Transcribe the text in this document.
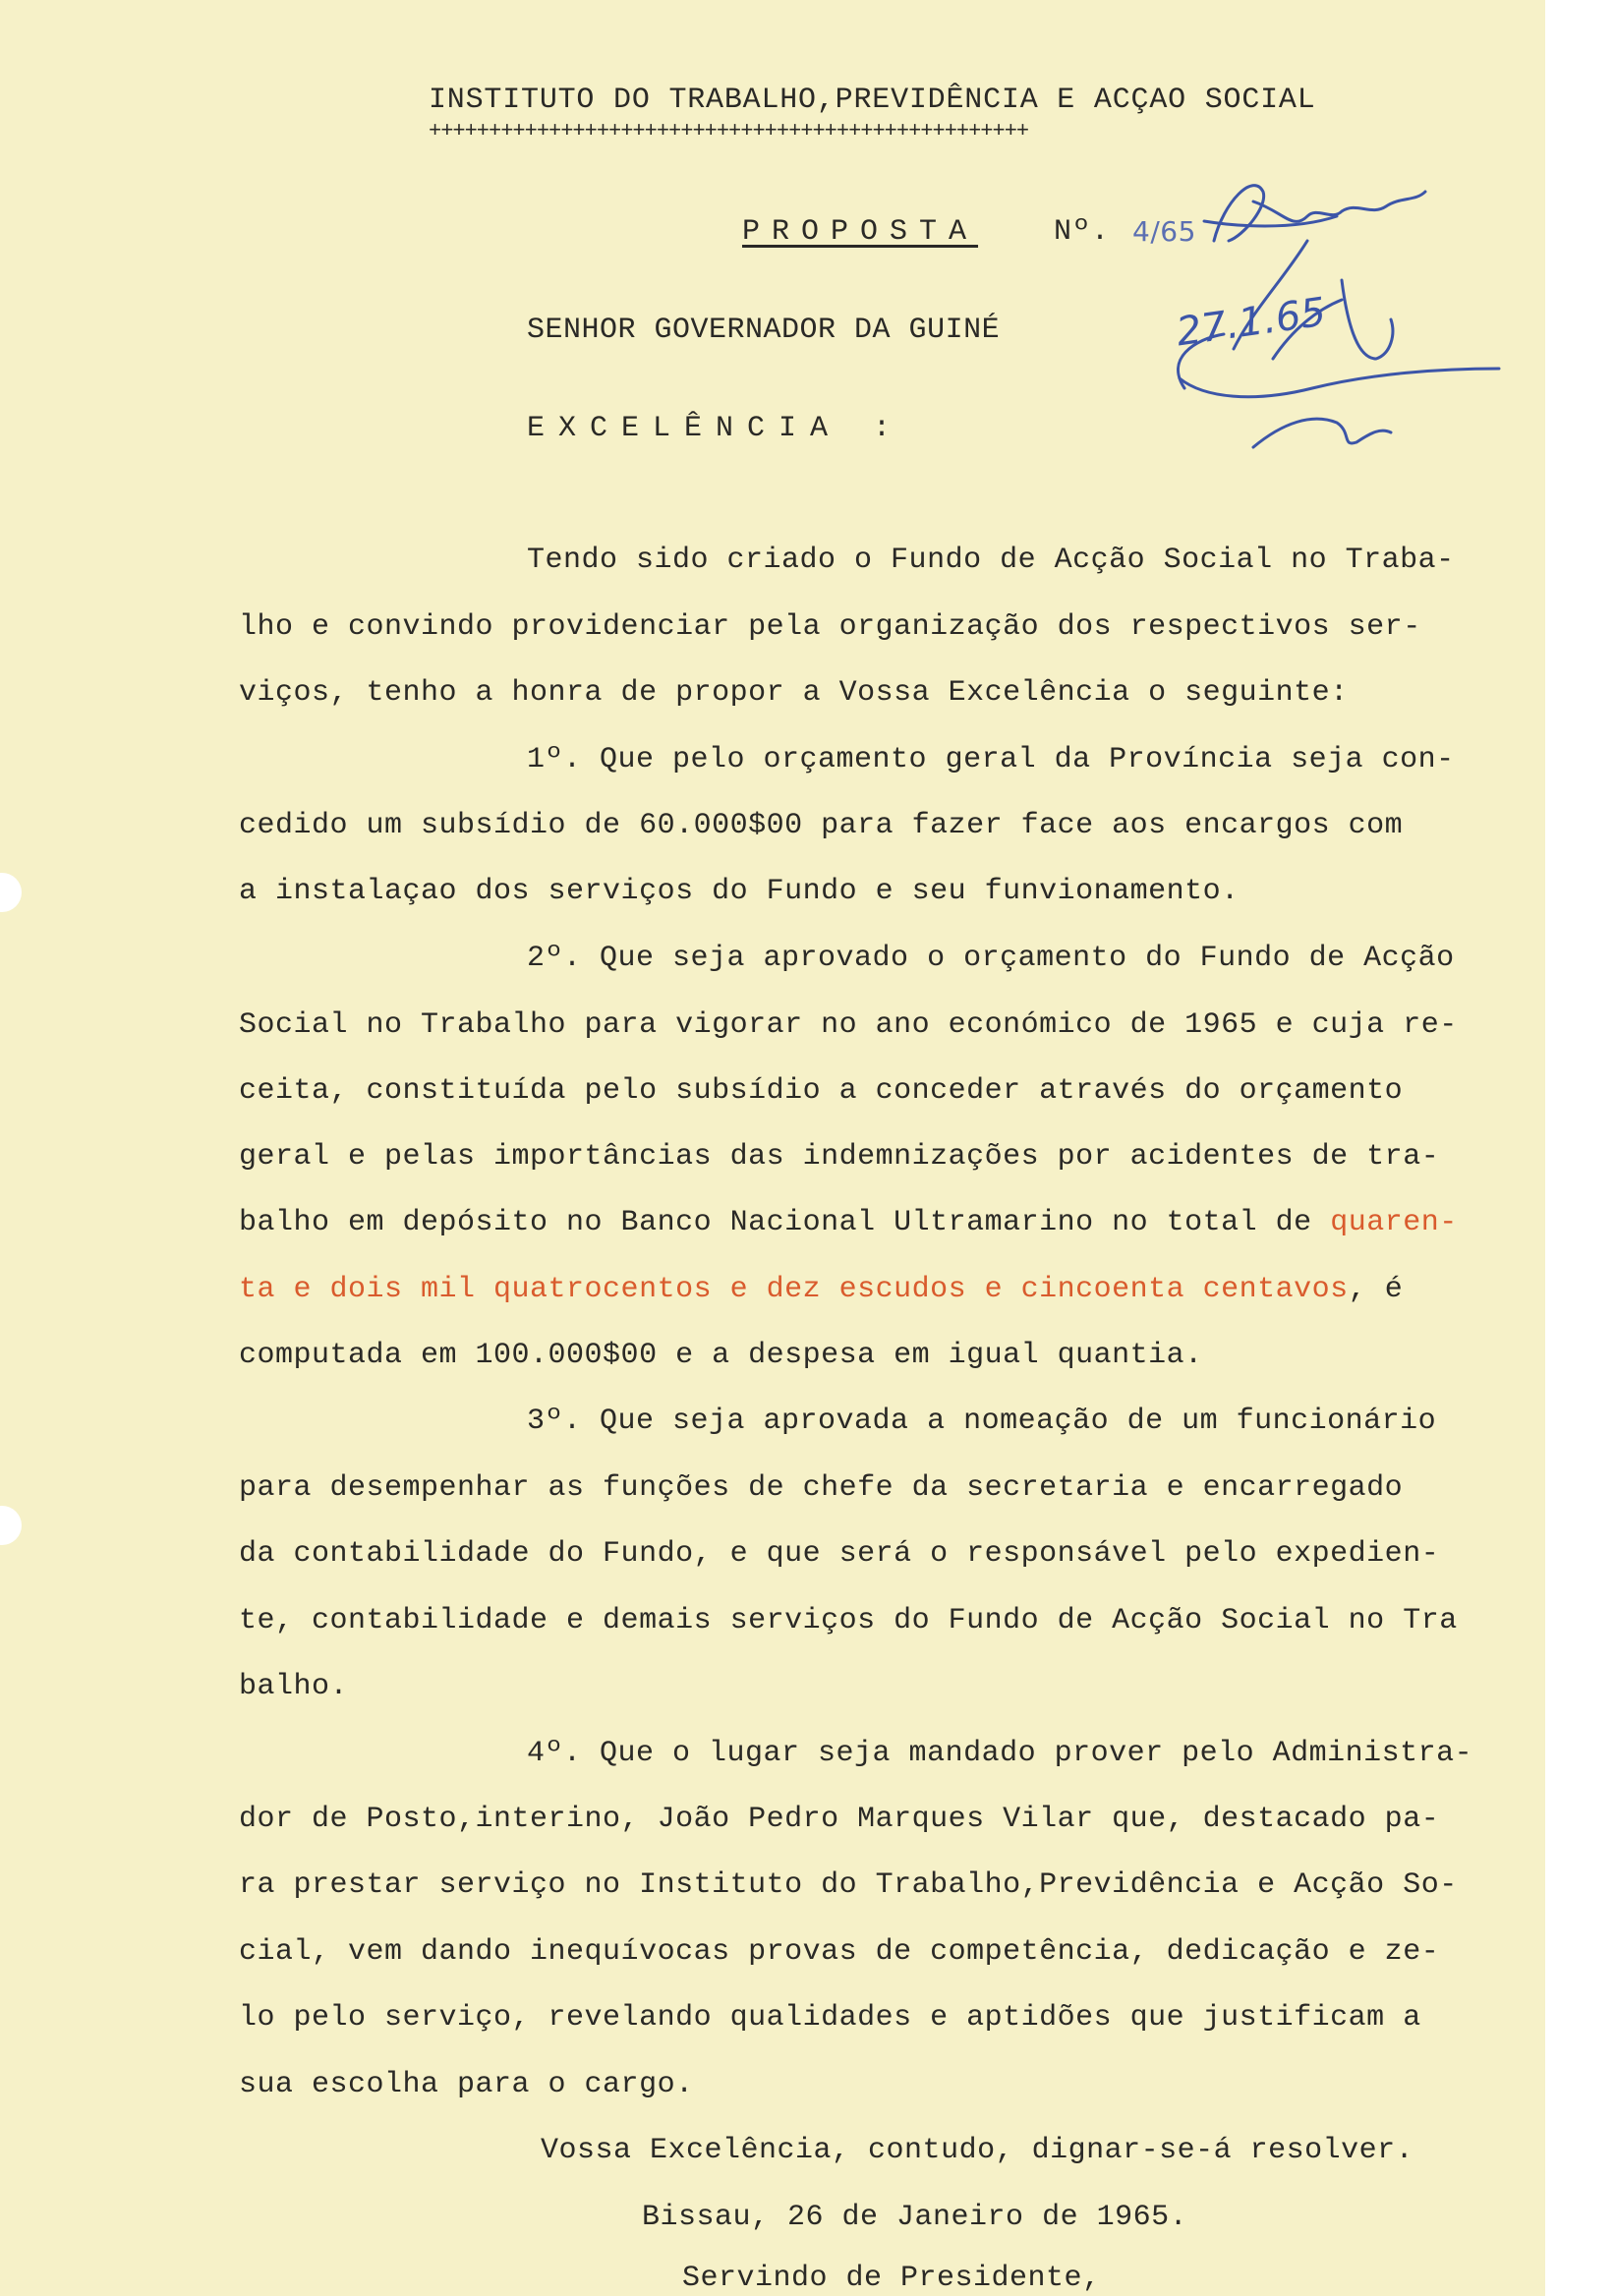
INSTITUTO DO TRABALHO,PREVIDÊNCIA E ACÇAO SOCIAL
++++++++++++++++++++++++++++++++++++++++++++++++++
PROPOSTA	Nº. 4/65
27.1.65
SENHOR GOVERNADOR DA GUINÉ
EXCELÊNCIA :
Tendo sido criado o Fundo de Acção Social no Traba-
lho e convindo providenciar pela organização dos respectivos ser-
viços, tenho a honra de propor a Vossa Excelência o seguinte:
1º. Que pelo orçamento geral da Província seja con-
cedido um subsídio de 60.000$00 para fazer face aos encargos com
a instalaçao dos serviços do Fundo e seu funvionamento.
2º. Que seja aprovado o orçamento do Fundo de Acção
Social no Trabalho para vigorar no ano económico de 1965 e cuja re-
ceita, constituída pelo subsídio a conceder através do orçamento
geral e pelas importâncias das indemnizações por acidentes de tra-
balho em depósito no Banco Nacional Ultramarino no total de quaren-
ta e dois mil quatrocentos e dez escudos e cincoenta centavos, é
computada em 100.000$00 e a despesa em igual quantia.
3º. Que seja aprovada a nomeação de um funcionário
para desempenhar as funções de chefe da secretaria e encarregado
da contabilidade do Fundo, e que será o responsável pelo expedien-
te, contabilidade e demais serviços do Fundo de Acção Social no Tra
balho.
4º. Que o lugar seja mandado prover pelo Administra-
dor de Posto,interino, João Pedro Marques Vilar que, destacado pa-
ra prestar serviço no Instituto do Trabalho,Previdência e Acção So-
cial, vem dando inequívocas provas de competência, dedicação e ze-
lo pelo serviço, revelando qualidades e aptidões que justificam a
sua escolha para o cargo.
Vossa Excelência, contudo, dignar-se-á resolver.
Bissau, 26 de Janeiro de 1965.
Servindo de Presidente,
